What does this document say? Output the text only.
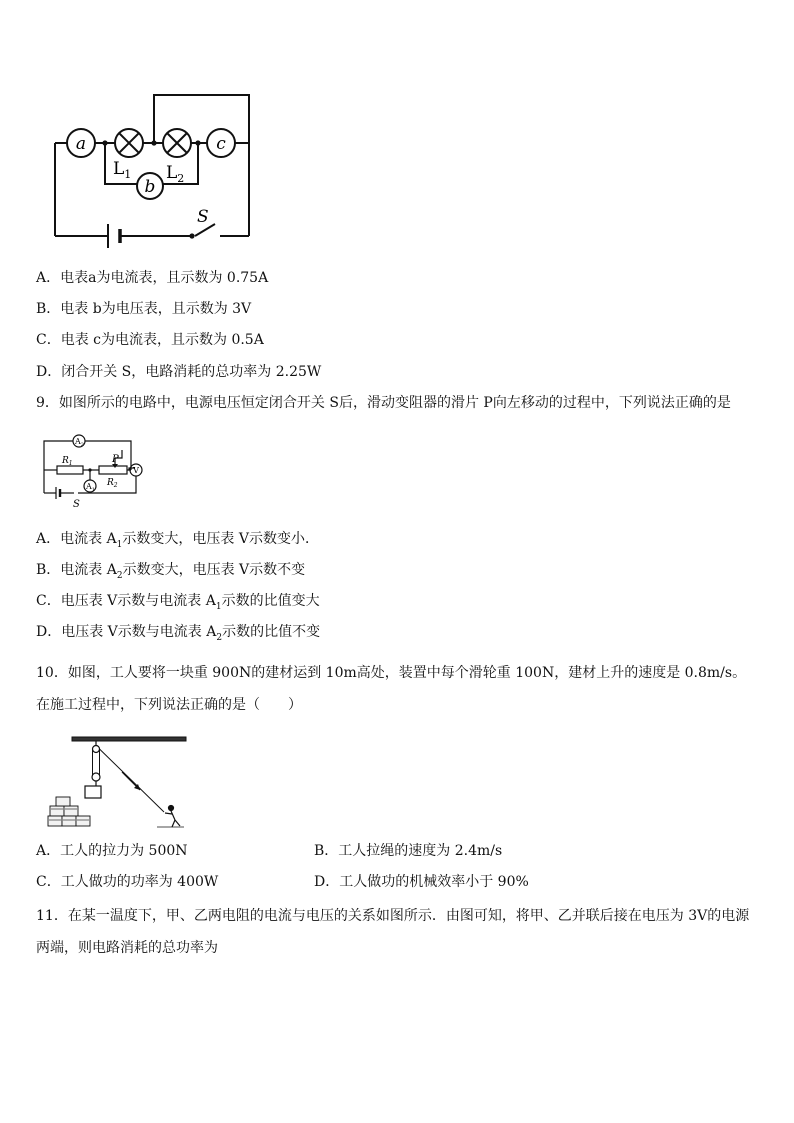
a	c
b
$L_1$ $L_2$
S
A．电表a为电流表，且示数为 0.75A
B．电表 b为电压表，且示数为 3V
C．电表 c为电流表，且示数为 0.5A
D．闭合开关 S，电路消耗的总功率为 2.25W
9．如图所示的电路中，电源电压恒定闭合开关 S后，滑动变阻器的滑片 P向左移动的过程中，下列说法正确的是
$A_2$
$R_1$	P
V
$A_1$
$R_2$
S
A．电流表 $A_1$示数变大，电压表 V示数变小．
B．电流表 $A_2$示数变大，电压表 V示数不变
C．电压表 V示数与电流表 $A_1$示数的比值变大
D．电压表 V示数与电流表 $A_2$示数的比值不变
10．如图，工人要将一块重 900N的建材运到 10m高处，装置中每个滑轮重 100N，建材上升的速度是 0.8m/s。在施工过程中，下列说法正确的是（　　）
A．工人的拉力为 500N	B．工人拉绳的速度为 2.4m/s
C．工人做功的功率为 400W	D．工人做功的机械效率小于 90%
11．在某一温度下，甲、乙两电阻的电流与电压的关系如图所示．由图可知，将甲、乙并联后接在电压为 3V的电源两端，则电路消耗的总功率为
